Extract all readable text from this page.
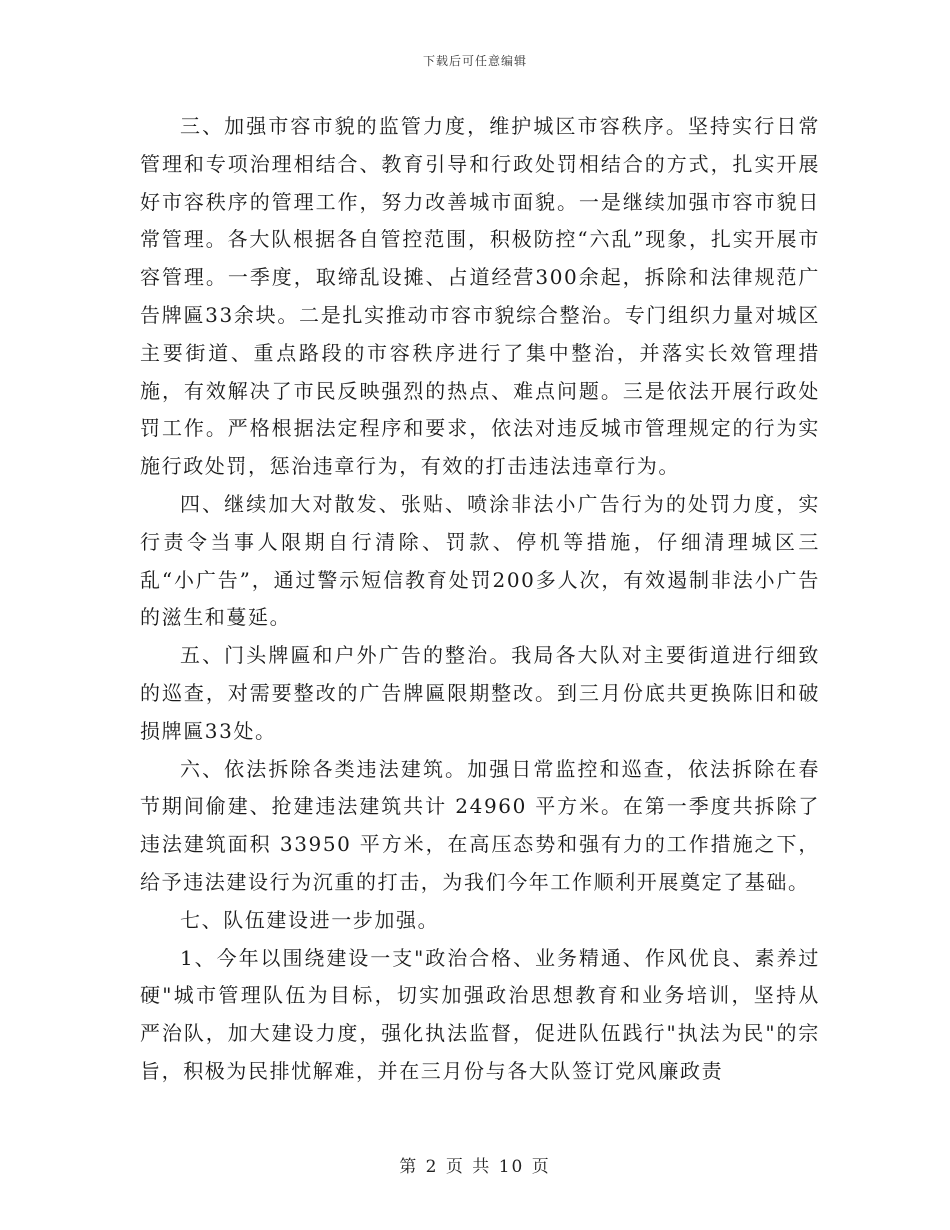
下载后可任意编辑

三、加强市容市貌的监管力度，维护城区市容秩序。坚持实行日常管理和专项治理相结合、教育引导和行政处罚相结合的方式，扎实开展好市容秩序的管理工作，努力改善城市面貌。一是继续加强市容市貌日常管理。各大队根据各自管控范围，积极防控“六乱”现象，扎实开展市容管理。一季度，取缔乱设摊、占道经营300余起，拆除和法律规范广告牌匾33余块。二是扎实推动市容市貌综合整治。专门组织力量对城区主要街道、重点路段的市容秩序进行了集中整治，并落实长效管理措施，有效解决了市民反映强烈的热点、难点问题。三是依法开展行政处罚工作。严格根据法定程序和要求，依法对违反城市管理规定的行为实施行政处罚，惩治违章行为，有效的打击违法违章行为。

四、继续加大对散发、张贴、喷涂非法小广告行为的处罚力度，实行责令当事人限期自行清除、罚款、停机等措施，仔细清理城区三乱“小广告”，通过警示短信教育处罚200多人次，有效遏制非法小广告的滋生和蔓延。

五、门头牌匾和户外广告的整治。我局各大队对主要街道进行细致的巡查，对需要整改的广告牌匾限期整改。到三月份底共更换陈旧和破损牌匾33处。

六、依法拆除各类违法建筑。加强日常监控和巡查，依法拆除在春节期间偷建、抢建违法建筑共计 24960 平方米。在第一季度共拆除了违法建筑面积 33950 平方米，在高压态势和强有力的工作措施之下，给予违法建设行为沉重的打击，为我们今年工作顺利开展奠定了基础。

七、队伍建设进一步加强。

1、今年以围绕建设一支"政治合格、业务精通、作风优良、素养过硬"城市管理队伍为目标，切实加强政治思想教育和业务培训，坚持从严治队，加大建设力度，强化执法监督，促进队伍践行"执法为民"的宗旨，积极为民排忧解难，并在三月份与各大队签订党风廉政责

第 2 页 共 10 页
